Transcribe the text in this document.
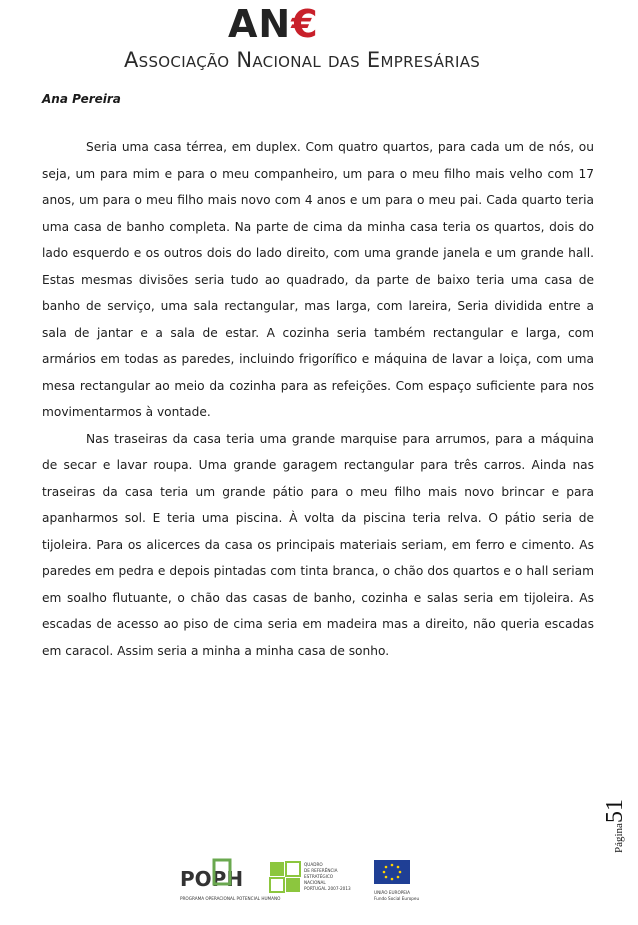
AN€
Associação Nacional das Empresárias
Ana Pereira

Seria uma casa térrea, em duplex. Com quatro quartos, para cada um de nós, ou seja, um para mim e para o meu companheiro, um para o meu filho mais velho com 17 anos, um para o meu filho mais novo com 4 anos e um para o meu pai. Cada quarto teria uma casa de banho completa. Na parte de cima da minha casa teria os quartos, dois do lado esquerdo e os outros dois do lado direito, com uma grande janela e um grande hall. Estas mesmas divisões seria tudo ao quadrado, da parte de baixo teria uma casa de banho de serviço, uma sala rectangular, mas larga, com lareira, Seria dividida entre a sala de jantar e a sala de estar. A cozinha seria também rectangular e larga, com armários em todas as paredes, incluindo frigorífico e máquina de lavar a loiça, com uma mesa rectangular ao meio da cozinha para as refeições. Com espaço suficiente para nos movimentarmos à vontade.

Nas traseiras da casa teria uma grande marquise para arrumos, para a máquina de secar e lavar roupa. Uma grande garagem rectangular para três carros. Ainda nas traseiras da casa teria um grande pátio para o meu filho mais novo brincar e para apanharmos sol. E teria uma piscina. À volta da piscina teria relva. O pátio seria de tijoleira. Para os alicerces da casa os principais materiais seriam, em ferro e cimento. As paredes em pedra e depois pintadas com tinta branca, o chão dos quartos e o hall seriam em soalho flutuante, o chão das casas de banho, cozinha e salas seria em tijoleira. As escadas de acesso ao piso de cima seria em madeira mas a direito, não queria escadas em caracol. Assim seria a minha a minha casa de sonho.

Página51
POPH
PROGRAMA OPERACIONAL POTENCIAL HUMANO
QUADRO
DE REFERÊNCIA
ESTRATÉGICO
NACIONAL
PORTUGAL 2007-2013
UNIÃO EUROPEIA
Fundo Social Europeu
